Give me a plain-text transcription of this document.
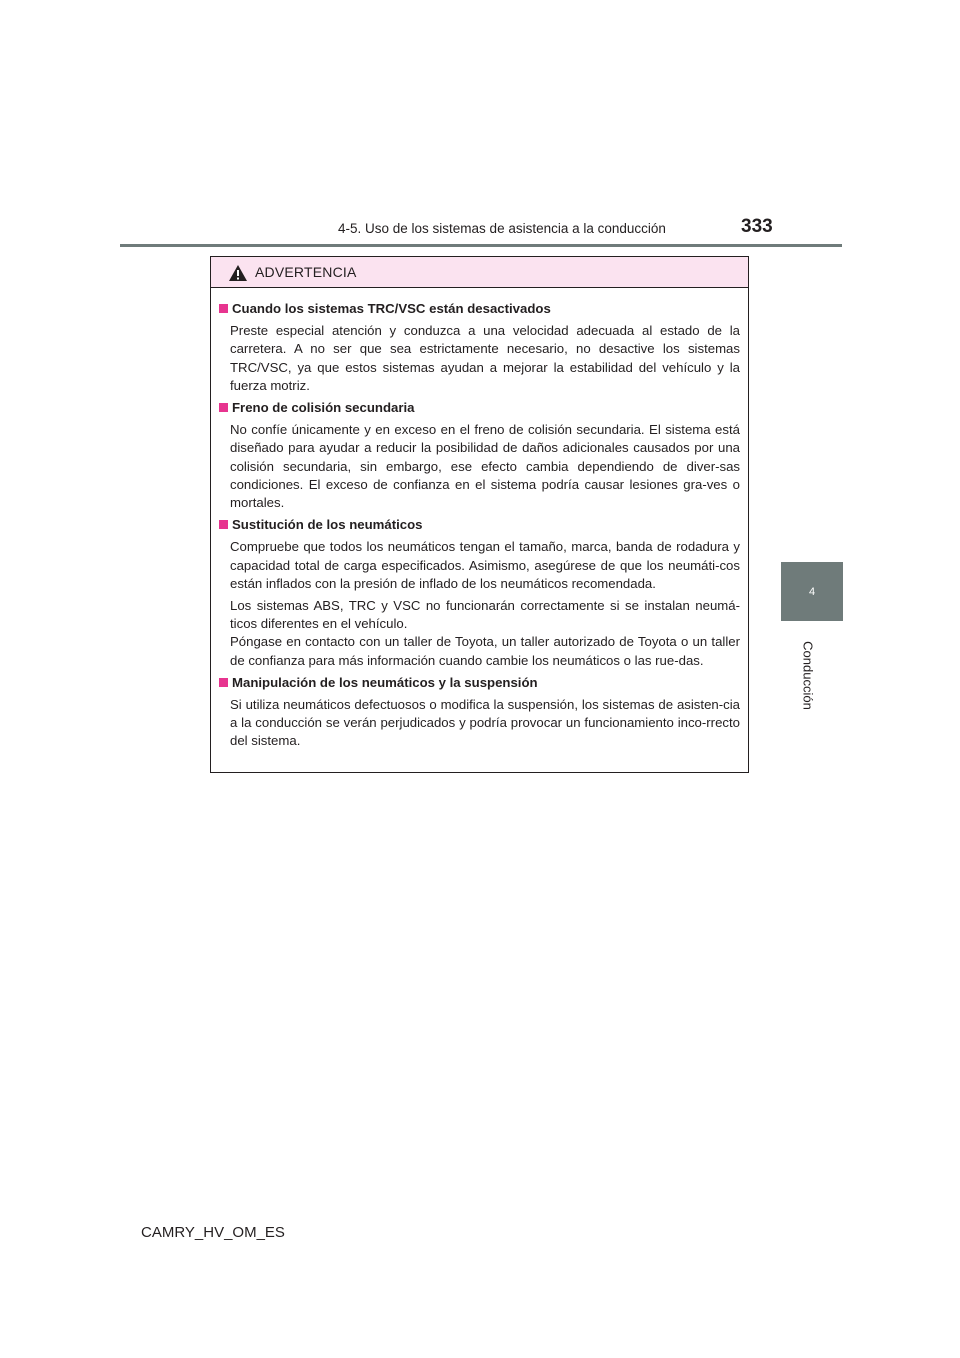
4-5. Uso de los sistemas de asistencia a la conducción	333
4
Conducción
ADVERTENCIA
Cuando los sistemas TRC/VSC están desactivados

Preste especial atención y conduzca a una velocidad adecuada al estado de la carretera. A no ser que sea estrictamente necesario, no desactive los sistemas TRC/VSC, ya que estos sistemas ayudan a mejorar la estabilidad del vehículo y la fuerza motriz.

Freno de colisión secundaria

No confíe únicamente y en exceso en el freno de colisión secundaria. El sistema está diseñado para ayudar a reducir la posibilidad de daños adicionales causados por una colisión secundaria, sin embargo, ese efecto cambia dependiendo de diver-sas condiciones. El exceso de confianza en el sistema podría causar lesiones gra-ves o mortales.

Sustitución de los neumáticos

Compruebe que todos los neumáticos tengan el tamaño, marca, banda de rodadura y capacidad total de carga especificados. Asimismo, asegúrese de que los neumáti-cos están inflados con la presión de inflado de los neumáticos recomendada.

Los sistemas ABS, TRC y VSC no funcionarán correctamente si se instalan neumá-ticos diferentes en el vehículo.

Póngase en contacto con un taller de Toyota, un taller autorizado de Toyota o un taller de confianza para más información cuando cambie los neumáticos o las rue-das.

Manipulación de los neumáticos y la suspensión

Si utiliza neumáticos defectuosos o modifica la suspensión, los sistemas de asisten-cia a la conducción se verán perjudicados y podría provocar un funcionamiento inco-rrecto del sistema.

CAMRY_HV_OM_ES
